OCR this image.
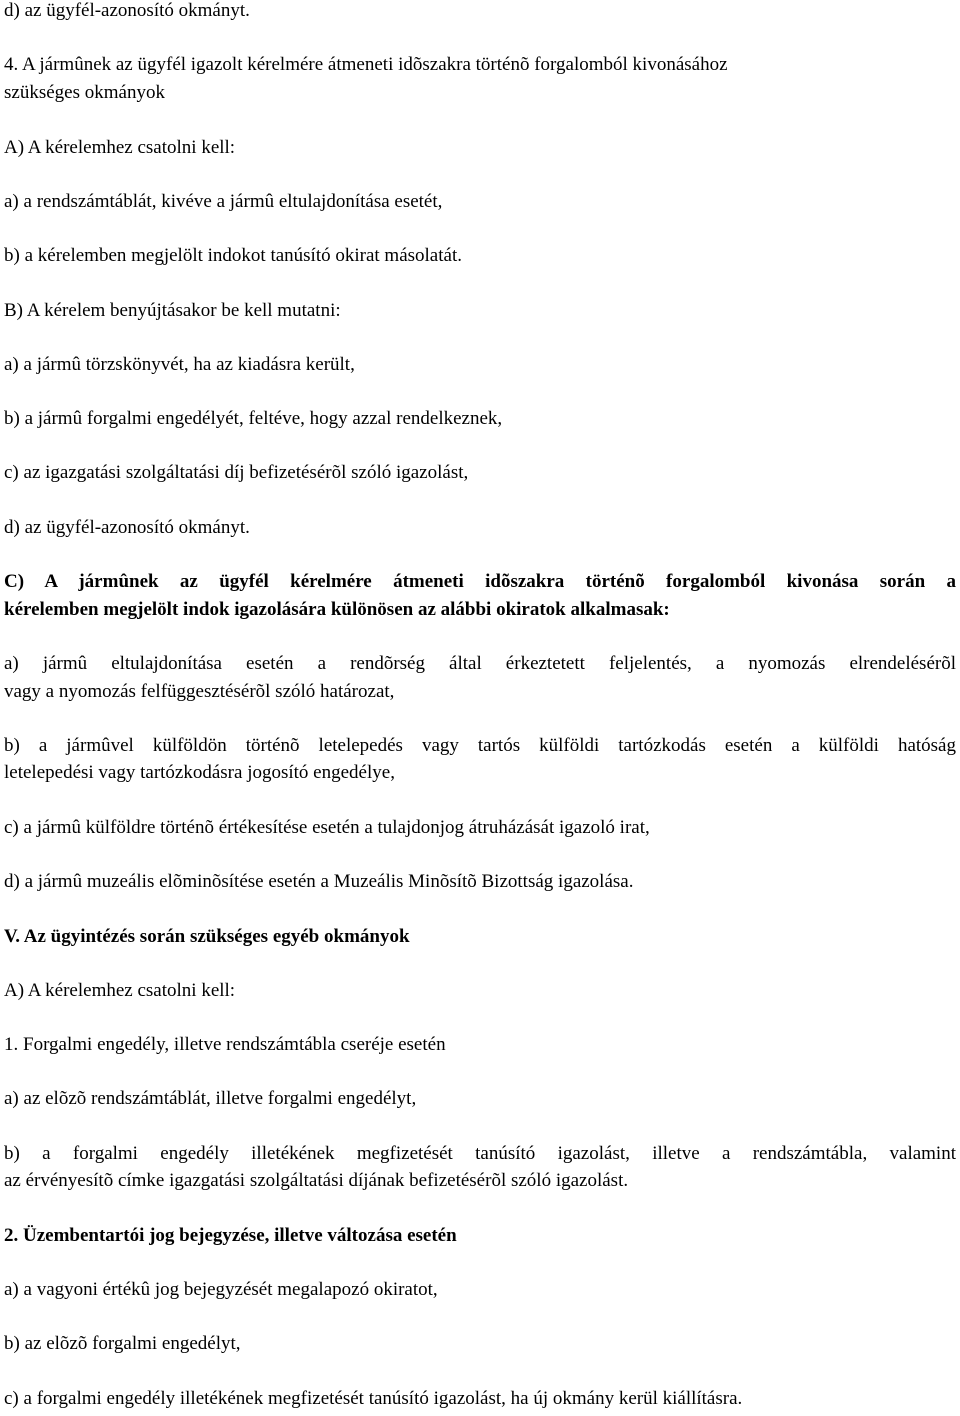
d) az ügyfél-azonosító okmányt.
4. A jármûnek az ügyfél igazolt kérelmére átmeneti idõszakra történõ forgalomból kivonásához
szükséges okmányok
A) A kérelemhez csatolni kell:
a) a rendszámtáblát, kivéve a jármû eltulajdonítása esetét,
b) a kérelemben megjelölt indokot tanúsító okirat másolatát.
B) A kérelem benyújtásakor be kell mutatni:
a) a jármû törzskönyvét, ha az kiadásra került,
b) a jármû forgalmi engedélyét, feltéve, hogy azzal rendelkeznek,
c) az igazgatási szolgáltatási díj befizetésérõl szóló igazolást,
d) az ügyfél-azonosító okmányt.
C) A jármûnek az ügyfél kérelmére átmeneti idõszakra történõ forgalomból kivonása során a
kérelemben megjelölt indok igazolására különösen az alábbi okiratok alkalmasak:
a) jármû eltulajdonítása esetén a rendõrség által érkeztetett feljelentés, a nyomozás elrendelésérõl
vagy a nyomozás felfüggesztésérõl szóló határozat,
b) a jármûvel külföldön történõ letelepedés vagy tartós külföldi tartózkodás esetén a külföldi hatóság
letelepedési vagy tartózkodásra jogosító engedélye,
c) a jármû külföldre történõ értékesítése esetén a tulajdonjog átruházását igazoló irat,
d) a jármû muzeális elõminõsítése esetén a Muzeális Minõsítõ Bizottság igazolása.
V. Az ügyintézés során szükséges egyéb okmányok
A) A kérelemhez csatolni kell:
1. Forgalmi engedély, illetve rendszámtábla cseréje esetén
a) az elõzõ rendszámtáblát, illetve forgalmi engedélyt,
b) a forgalmi engedély illetékének megfizetését tanúsító igazolást, illetve a rendszámtábla, valamint
az érvényesítõ címke igazgatási szolgáltatási díjának befizetésérõl szóló igazolást.
2. Üzembentartói jog bejegyzése, illetve változása esetén
a) a vagyoni értékû jog bejegyzését megalapozó okiratot,
b) az elõzõ forgalmi engedélyt,
c) a forgalmi engedély illetékének megfizetését tanúsító igazolást, ha új okmány kerül kiállításra.
